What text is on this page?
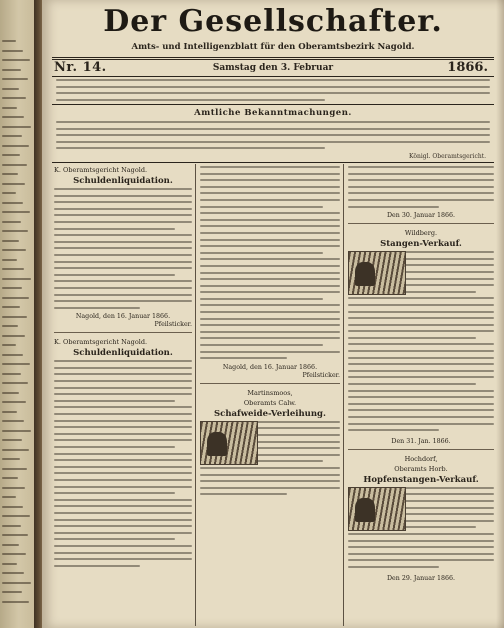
Der Gesellschafter.
Amts- und Intelligenzblatt für den Oberamtsbezirk Nagold.
Nr. 14.	Samstag den 3. Februar	1866.
Amtliche Bekanntmachungen.
Königl. Oberamtsgericht.
K. Oberamtsgericht Nagold.
Schuldenliquidation.
Nagold, den 16. Januar 1866.
Pfeilsticker.
K. Oberamtsgericht Nagold.
Schuldenliquidation.
Nagold, den 16. Januar 1866.
Pfeilsticker.
Martinsmoos,
Oberamts Calw.
Schafweide-Verleihung.
Den 30. Januar 1866.
Wildberg.
Stangen-Verkauf.
Den 31. Jan. 1866.
Hochdorf,
Oberamts Horb.
Hopfenstangen-Verkauf.
Den 29. Januar 1866.
